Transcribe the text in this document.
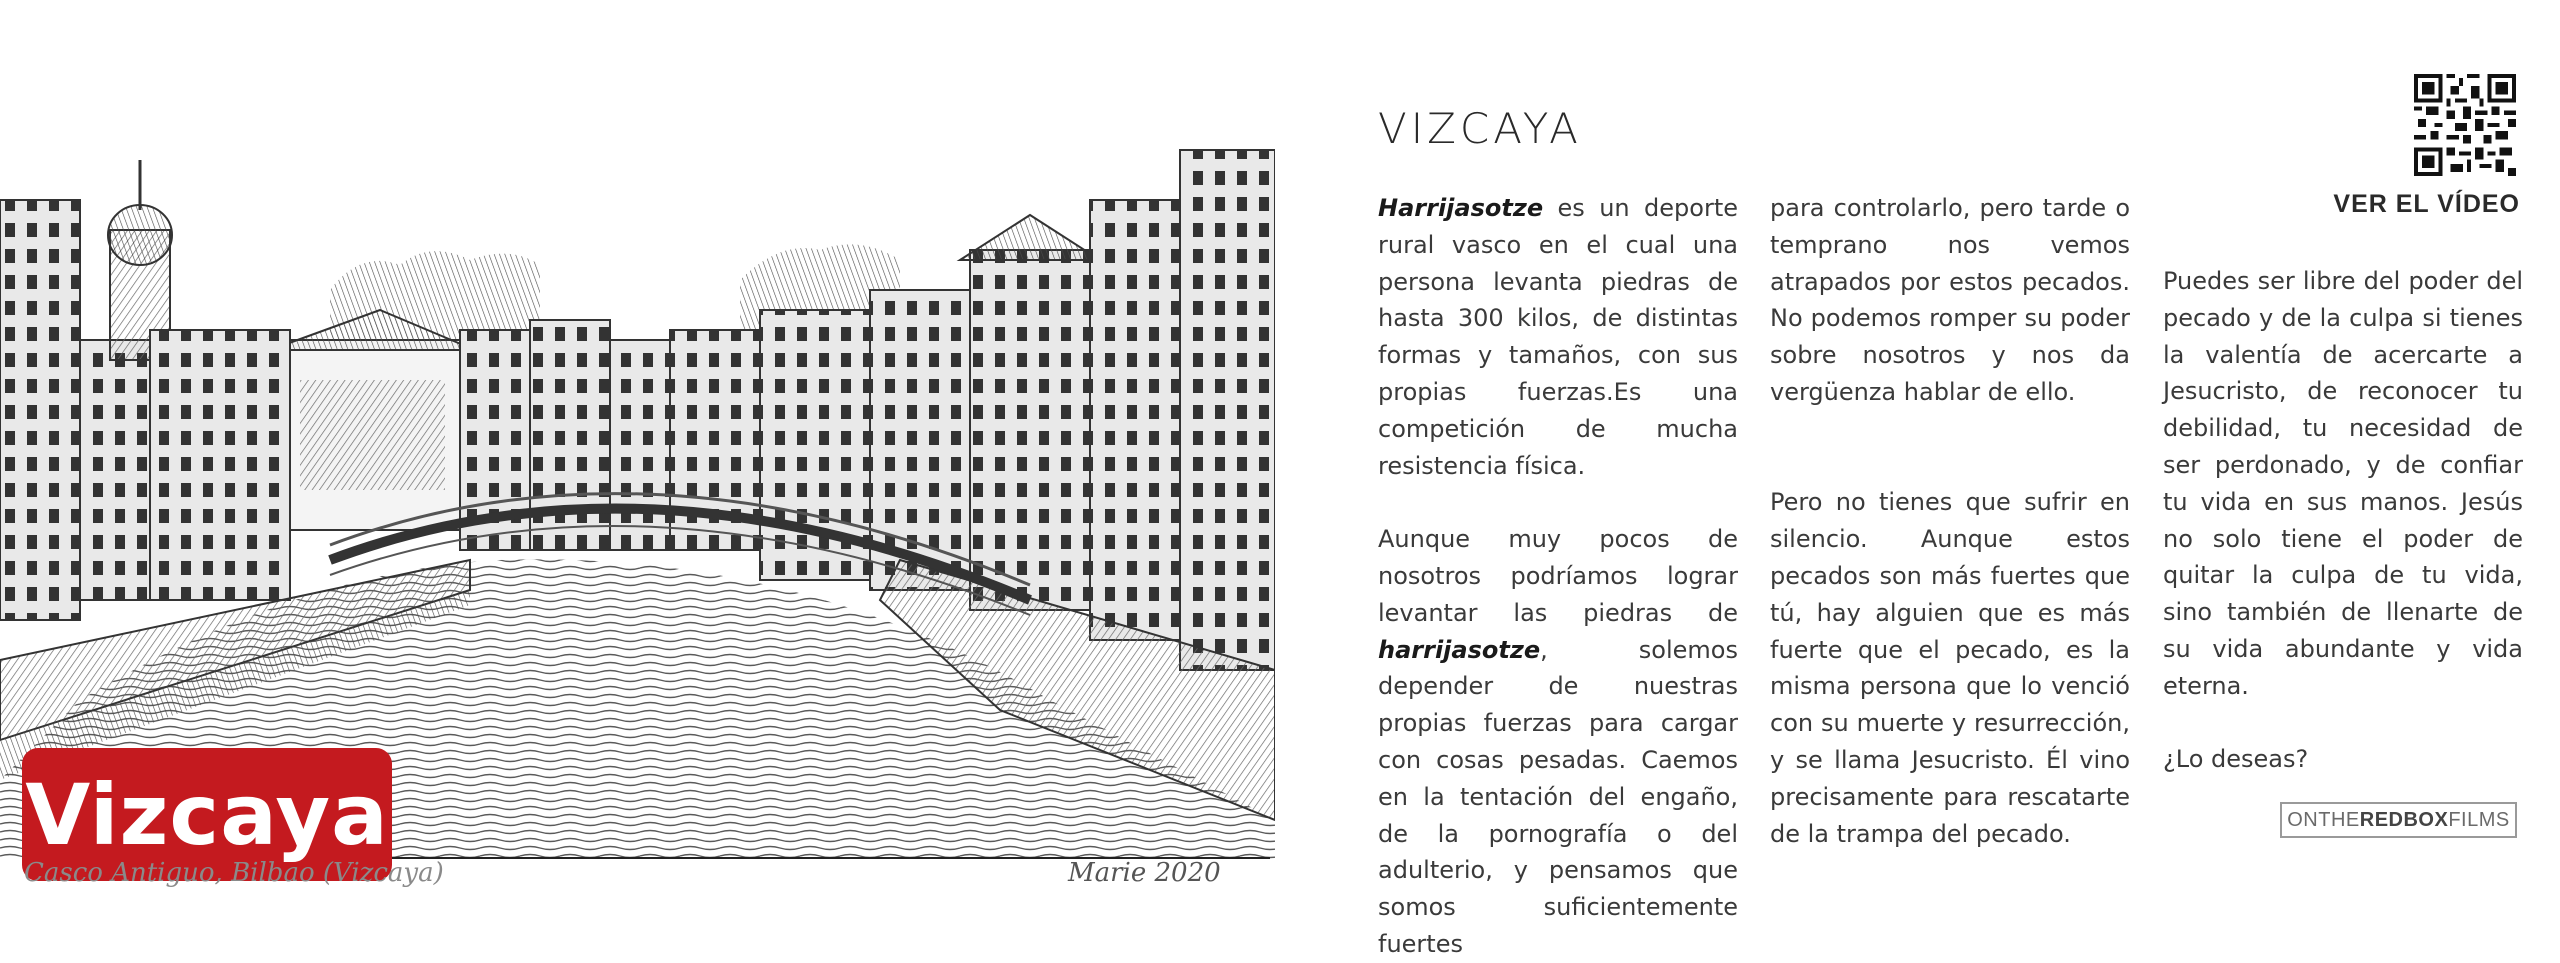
Vizcaya
Casco Antiguo, Bilbao (Vizcaya)	Marie 2020
VIZCAYA

Harrijasotze es un deporte rural vasco en el cual una persona levanta piedras de hasta 300 kilos, de distintas formas y tamaños, con sus propias fuerzas.Es una competición de mucha resistencia física.

Aunque muy pocos de nosotros podríamos lograr levantar las piedras de harrijasotze, solemos depender de nuestras propias fuerzas para cargar con cosas pesadas. Caemos en la tentación del engaño, de la pornografía o del adulterio, y pensamos que somos suficientemente fuertes

para controlarlo, pero tarde o temprano nos vemos atrapados por estos pecados. No podemos romper su poder sobre nosotros y nos da vergüenza hablar de ello.

Pero no tienes que sufrir en silencio. Aunque estos pecados son más fuertes que tú, hay alguien que es más fuerte que el pecado, es la misma persona que lo venció con su muerte y resurrección, y se llama Jesucristo. Él vino precisamente para rescatarte de la trampa del pecado.

Puedes ser libre del poder del pecado y de la culpa si tienes la valentía de acercarte a Jesucristo, de reconocer tu debilidad, tu necesidad de ser perdonado, y de confiar tu vida en sus manos. Jesús no solo tiene el poder de quitar la culpa de tu vida, sino también de llenarte de su vida abundante y vida eterna.

¿Lo deseas?

VER EL VÍDEO
ONTHE REDBOX FILMS
